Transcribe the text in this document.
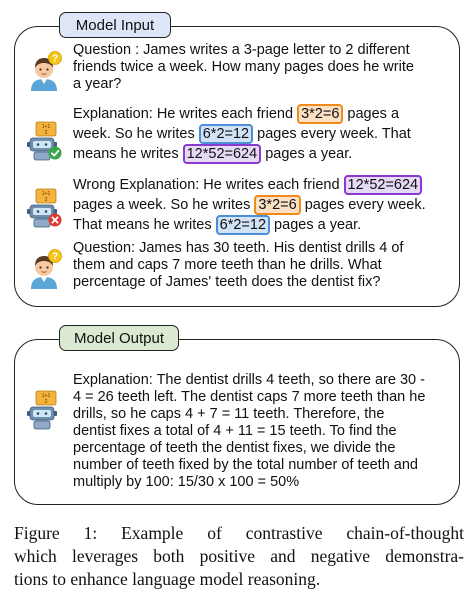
Model Input
?
Question : James writes a 3-page letter to 2 different
friends twice a week. How many pages does he write
a year?
1+1
2
Explanation: He writes each friend 3*2=6 pages a
week. So he writes 6*2=12 pages every week. That
means he writes 12*52=624 pages a year.
1+1
2
Wrong Explanation: He writes each friend 12*52=624
pages a week. So he writes 3*2=6 pages every week.
That means he writes 6*2=12 pages a year.
?
Question: James has 30 teeth. His dentist drills 4 of
them and caps 7 more teeth than he drills. What
percentage of James' teeth does the dentist fix?
Model Output
1+1
2
Explanation: The dentist drills 4 teeth, so there are 30 -
4 = 26 teeth left. The dentist caps 7 more teeth than he
drills, so he caps 4 + 7 = 11 teeth. Therefore, the
dentist fixes a total of 4 + 11 = 15 teeth. To find the
percentage of teeth the dentist fixes, we divide the
number of teeth fixed by the total number of teeth and
multiply by 100: 15/30 x 100 = 50%
Figure 1: Example of contrastive chain-of-thought
which leverages both positive and negative demonstra-
tions to enhance language model reasoning.
